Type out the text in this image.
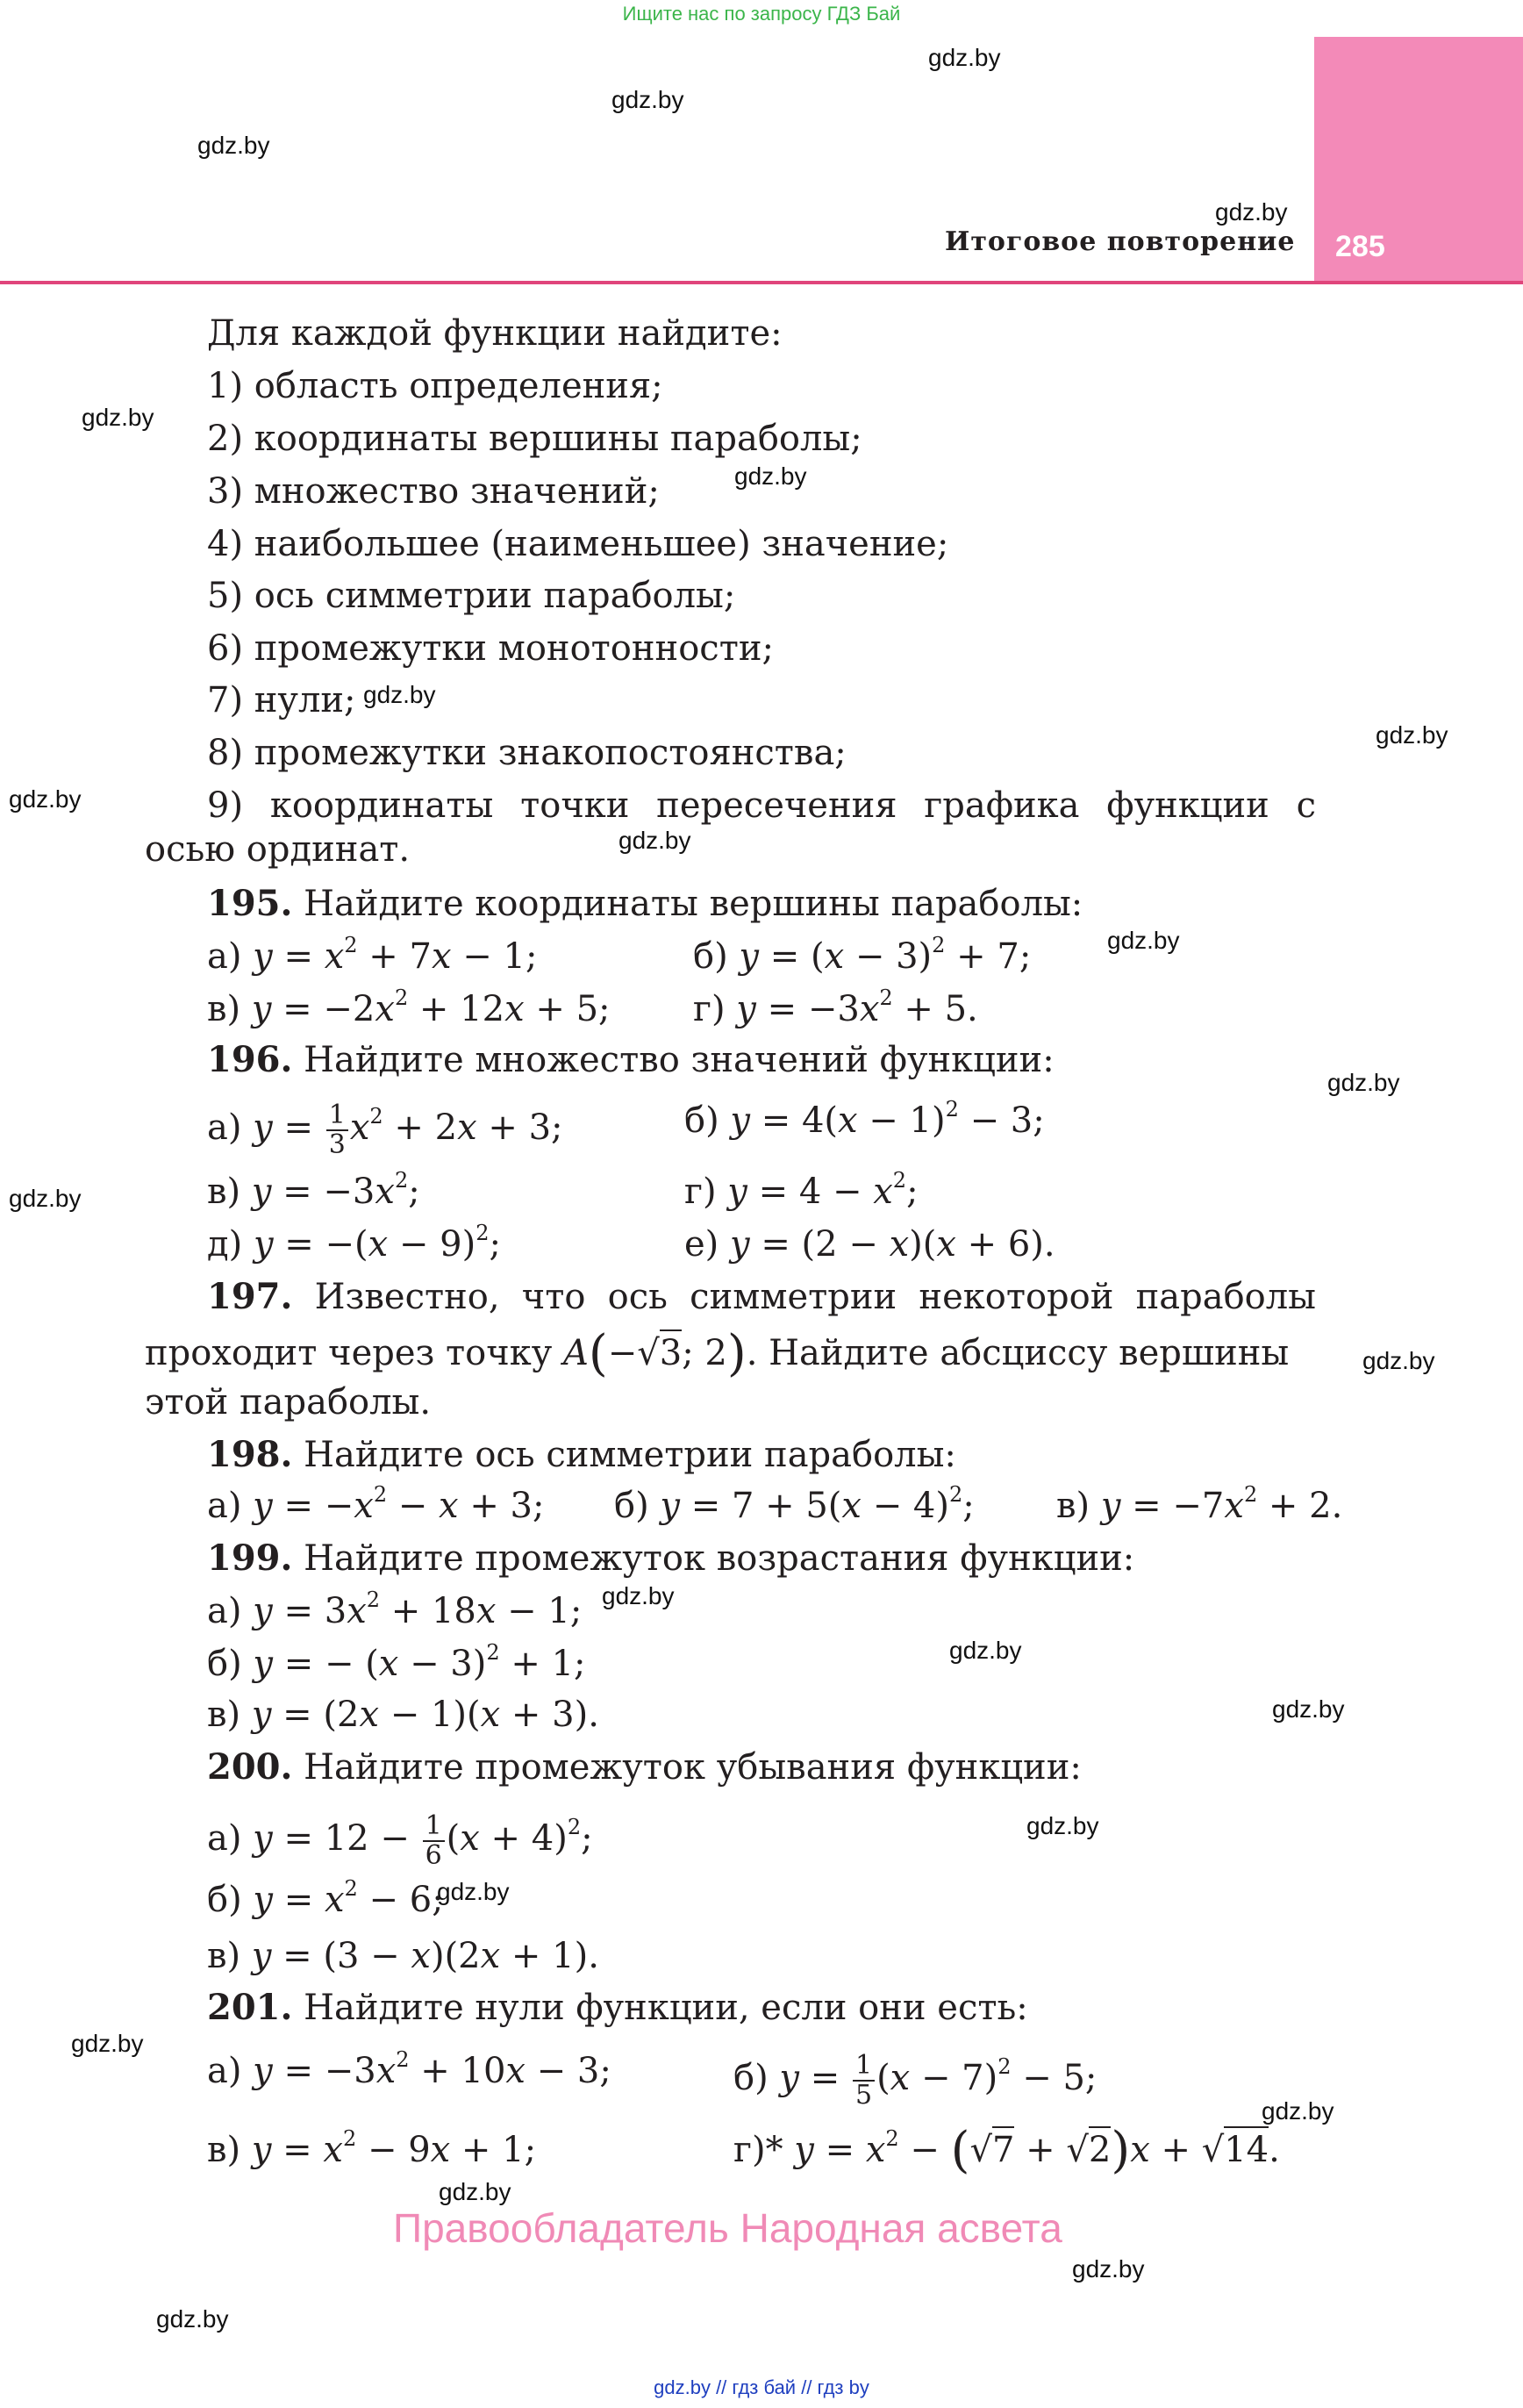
Ищите нас по запросу ГДЗ Бай
gdz.by
gdz.by
gdz.by
gdz.by
gdz.by
gdz.by
gdz.by
gdz.by
gdz.by
gdz.by
gdz.by
gdz.by
gdz.by
gdz.by
gdz.by
gdz.by
gdz.by
gdz.by
gdz.by
gdz.by
gdz.by
gdz.by
gdz.by
gdz.by
285
Итоговое повторение
Для каждой функции найдите:
1) область определения;
2) координаты вершины параболы;
3) множество значений;
4) наибольшее (наименьшее) значение;
5) ось симметрии параболы;
6) промежутки монотонности;
7) нули;
8) промежутки знакопостоянства;
9) координаты точки пересечения графика функции с
осью ординат.
195. Найдите координаты вершины параболы:
а) $y = x^2 + 7x - 1$;	б) $y = (x - 3)^2 + 7$;
в) $y = -2x^2 + 12x + 5$; г) $y = -3x^2 + 5$.
196. Найдите множество значений функции:
а) $y = \frac{1}{3} x^2 + 2x + 3$;	б) $y = 4(x - 1)^2 - 3$;
в) $y = -3x^2$;	г) $y = 4 - x^2$;
д) $y = -(x - 9)^2$;	е) y = (2 − x)(x + 6).
197. Известно, что ось симметрии некоторой параболы
проходит через точку A(−√3; 2). Найдите абсциссу вершины
этой параболы.
198. Найдите ось симметрии параболы:
а) $y = -x^2 - x + 3$; б) $y = 7 + 5(x - 4)^2$; в) $y = -7x^2 + 2$.
199. Найдите промежуток возрастания функции:
а) $y = 3x^2 + 18x - 1$;
б) y = − $(x - 3)^2 + 1$;
в) y = (2x − 1)(x + 3).
200. Найдите промежуток убывания функции:
а) $y = 12 - \frac{1}{6} (x + 4)^2$;
б) $y = x^2 - 6$;
в) y = (3 − x)(2x + 1).
201. Найдите нули функции, если они есть:
а) $y = -3x^2 + 10x - 3$;	б) $y = \frac{1}{5} (x - 7)^2 - 5$;
в) $y = x^2 - 9x + 1$;	г)* $y = x^2 - (√7 + √2)x + √14$.
Правообладатель Народная асвета
gdz.by // гдз бай // гдз by
